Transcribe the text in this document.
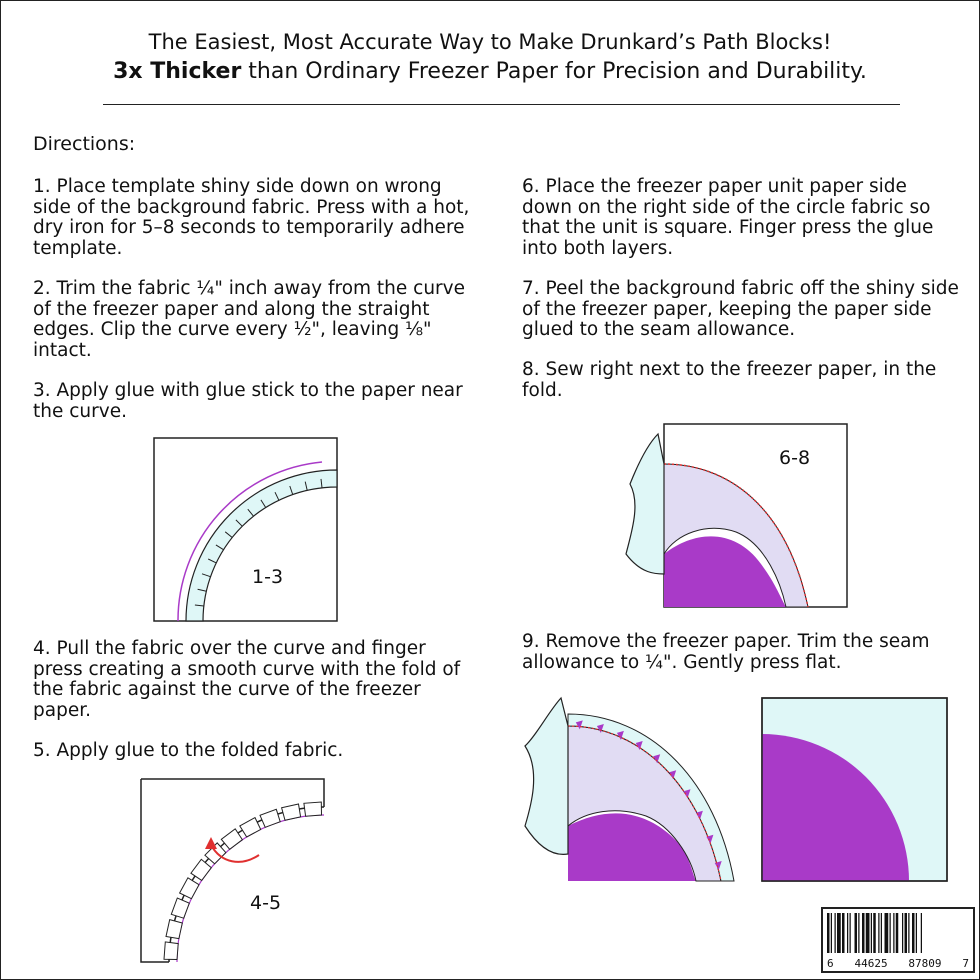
The Easiest, Most Accurate Way to Make Drunkard’s Path Blocks!
3x Thicker than Ordinary Freezer Paper for Precision and Durability.
Directions:
1. Place template shiny side down on wrong side of the background fabric. Press with a hot, dry iron for 5–8 seconds to temporarily adhere template.
2. Trim the fabric ¼" inch away from the curve of the freezer paper and along the straight edges. Clip the curve every ½", leaving ⅛" intact.
3. Apply glue with glue stick to the paper near the curve.
1-3
4. Pull the fabric over the curve and finger press creating a smooth curve with the fold of the fabric against the curve of the freezer paper.
5. Apply glue to the folded fabric.
4-5
6. Place the freezer paper unit paper side down on the right side of the circle fabric so that the unit is square. Finger press the glue into both layers.
7. Peel the background fabric off the shiny side of the freezer paper, keeping the paper side glued to the seam allowance.
8. Sew right next to the freezer paper, in the fold.
6-8
9. Remove the freezer paper. Trim the seam allowance to ¼". Gently press flat.
6 44625 87809 7
